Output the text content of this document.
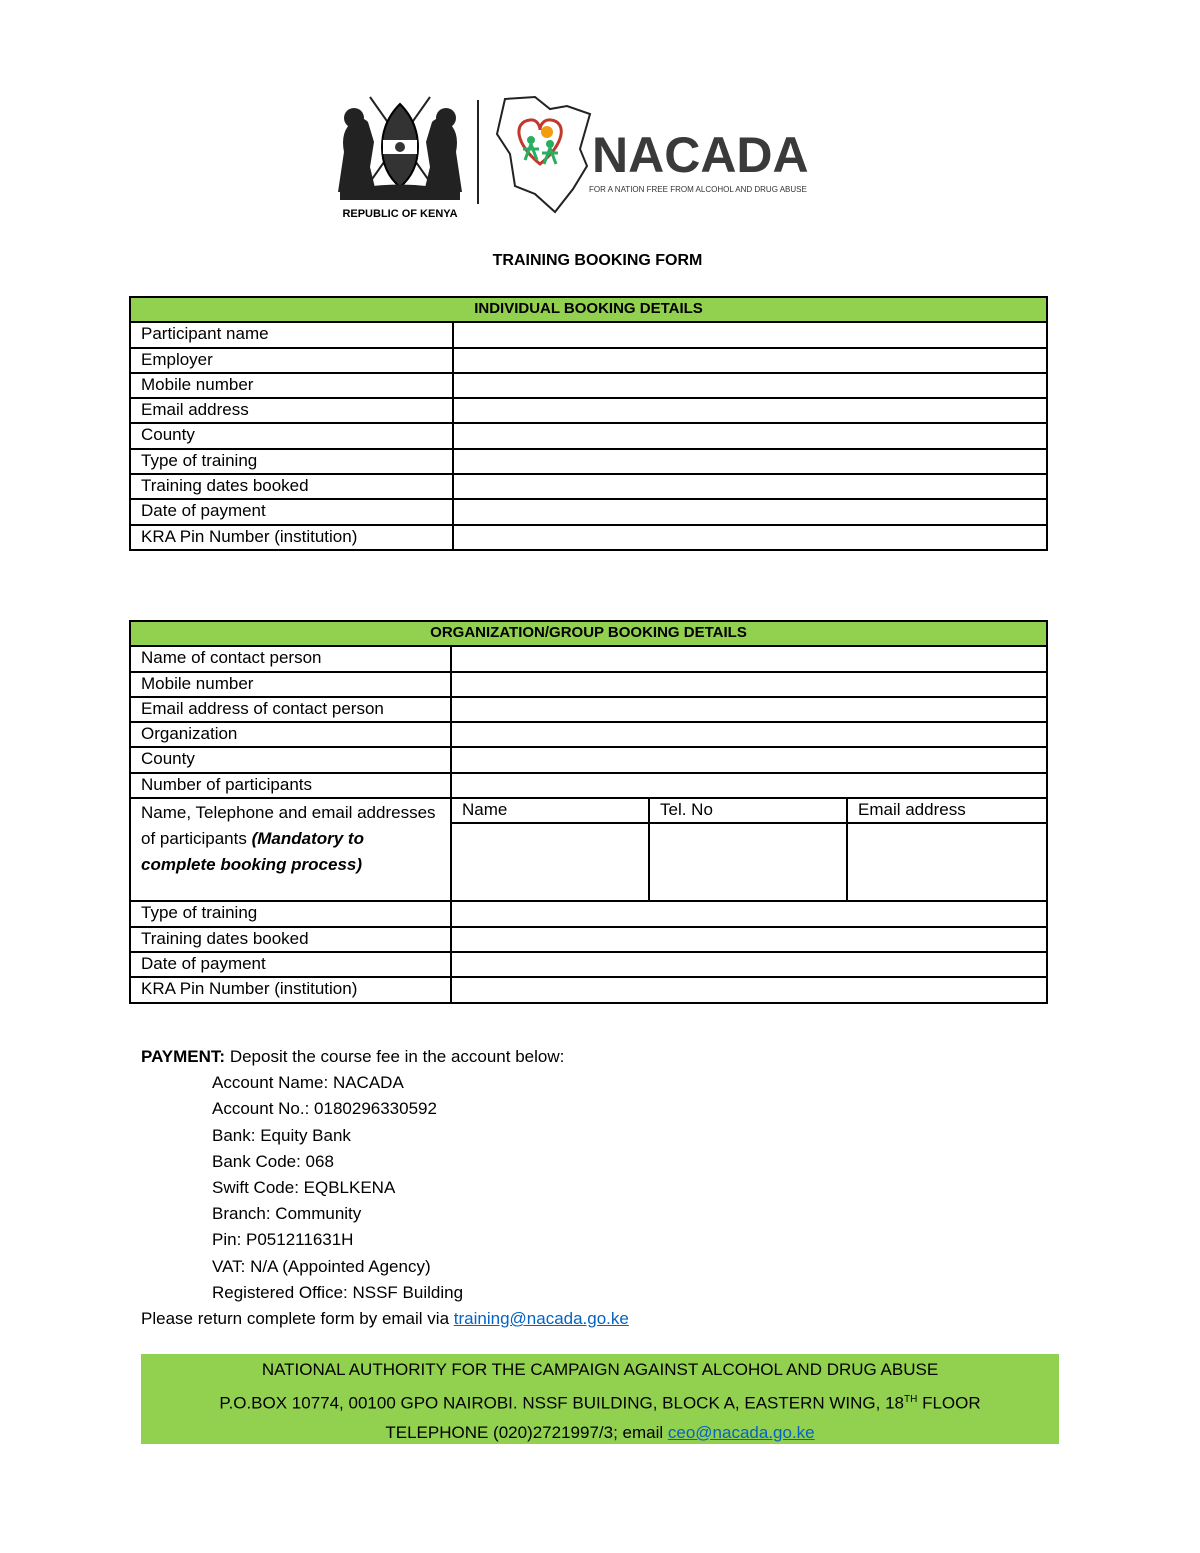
REPUBLIC OF KENYA
NACADA
FOR A NATION FREE FROM ALCOHOL AND DRUG ABUSE
TRAINING BOOKING FORM
INDIVIDUAL BOOKING DETAILS	
Participant name	
Employer	
Mobile number	
Email address	
County	
Type of training	
Training dates booked	
Date of payment	
KRA Pin Number (institution)	
ORGANIZATION/GROUP BOOKING DETAILS			
Name of contact person			
Mobile number			
Email address of contact person			
Organization			
County			
Number of participants			
Name, Telephone and email addresses of participants (Mandatory to complete booking process)	Name	Tel. No	Email address

Type of training			
Training dates booked			
Date of payment			
KRA Pin Number (institution)			
PAYMENT: Deposit the course fee in the account below:
Account Name: NACADA
Account No.: 0180296330592
Bank: Equity Bank
Bank Code: 068
Swift Code: EQBLKENA
Branch: Community
Pin: P051211631H
VAT: N/A (Appointed Agency)
Registered Office: NSSF Building
Please return complete form by email via training@nacada.go.ke
NATIONAL AUTHORITY FOR THE CAMPAIGN AGAINST ALCOHOL AND DRUG ABUSE
P.O.BOX 10774, 00100 GPO NAIROBI. NSSF BUILDING, BLOCK A, EASTERN WING, 18TH FLOOR
TELEPHONE (020)2721997/3; email ceo@nacada.go.ke
